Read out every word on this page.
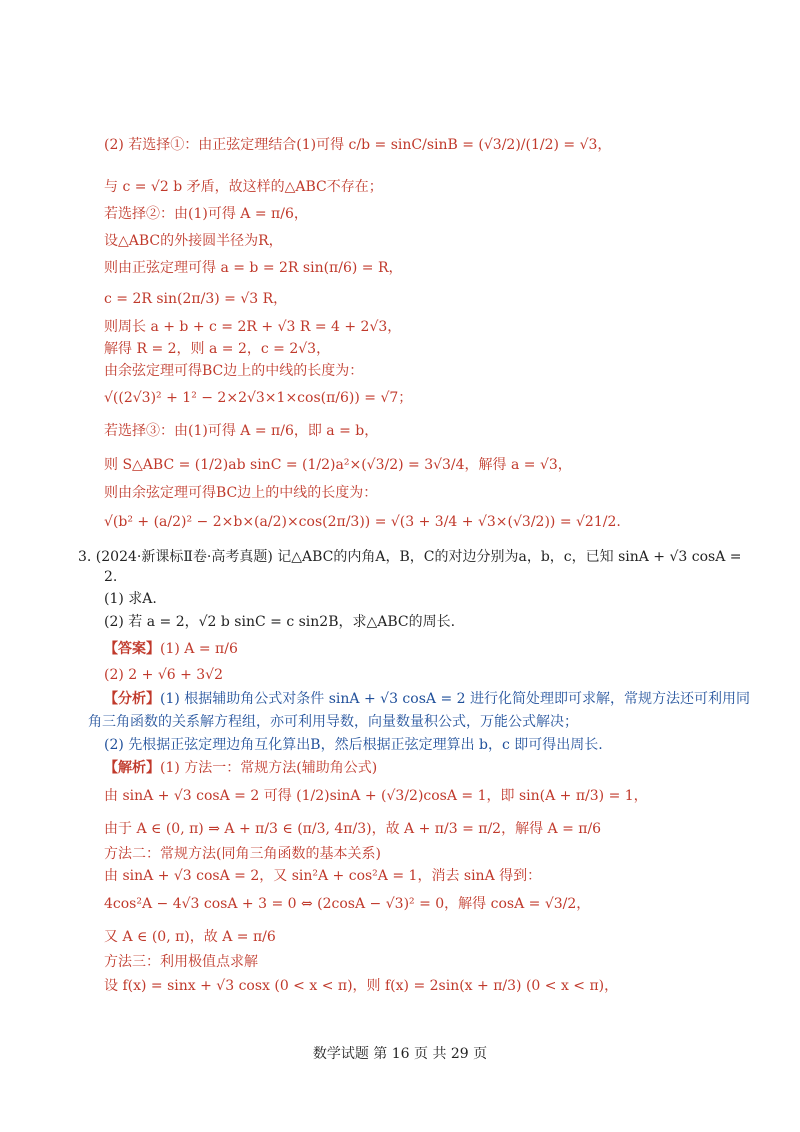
(2) 若选择①：由正弦定理结合(1)可得 c/b = sinC/sinB = (√3/2)/(1/2) = √3，
与 c = √2 b 矛盾，故这样的△ABC不存在；
若选择②：由(1)可得 A = π/6，
设△ABC的外接圆半径为R，
则由正弦定理可得 a = b = 2R sin(π/6) = R，
c = 2R sin(2π/3) = √3 R，
则周长 a + b + c = 2R + √3 R = 4 + 2√3，
解得 R = 2，则 a = 2，c = 2√3，
由余弦定理可得BC边上的中线的长度为：
√((2√3)² + 1² − 2×2√3×1×cos(π/6)) = √7；
若选择③：由(1)可得 A = π/6，即 a = b，
则 S△ABC = (1/2)ab sinC = (1/2)a²×(√3/2) = 3√3/4，解得 a = √3，
则由余弦定理可得BC边上的中线的长度为：
√(b² + (a/2)² − 2×b×(a/2)×cos(2π/3)) = √(3 + 3/4 + √3×(√3/2)) = √21/2.
3. (2024·新课标Ⅱ卷·高考真题) 记△ABC的内角A，B，C的对边分别为a，b，c，已知 sinA + √3 cosA =
2.
(1) 求A.
(2) 若 a = 2，√2 b sinC = c sin2B，求△ABC的周长.
【答案】(1) A = π/6
(2) 2 + √6 + 3√2
【分析】(1) 根据辅助角公式对条件 sinA + √3 cosA = 2 进行化简处理即可求解，常规方法还可利用同
角三角函数的关系解方程组，亦可利用导数，向量数量积公式，万能公式解决；
(2) 先根据正弦定理边角互化算出B，然后根据正弦定理算出 b，c 即可得出周长.
【解析】(1) 方法一：常规方法(辅助角公式)
由 sinA + √3 cosA = 2 可得 (1/2)sinA + (√3/2)cosA = 1，即 sin(A + π/3) = 1，
由于 A ∈ (0, π) ⇒ A + π/3 ∈ (π/3, 4π/3)，故 A + π/3 = π/2，解得 A = π/6
方法二：常规方法(同角三角函数的基本关系)
由 sinA + √3 cosA = 2，又 sin²A + cos²A = 1，消去 sinA 得到：
4cos²A − 4√3 cosA + 3 = 0 ⇔ (2cosA − √3)² = 0，解得 cosA = √3/2，
又 A ∈ (0, π)，故 A = π/6
方法三：利用极值点求解
设 f(x) = sinx + √3 cosx (0 < x < π)，则 f(x) = 2sin(x + π/3) (0 < x < π)，
数学试题 第 16 页 共 29 页
